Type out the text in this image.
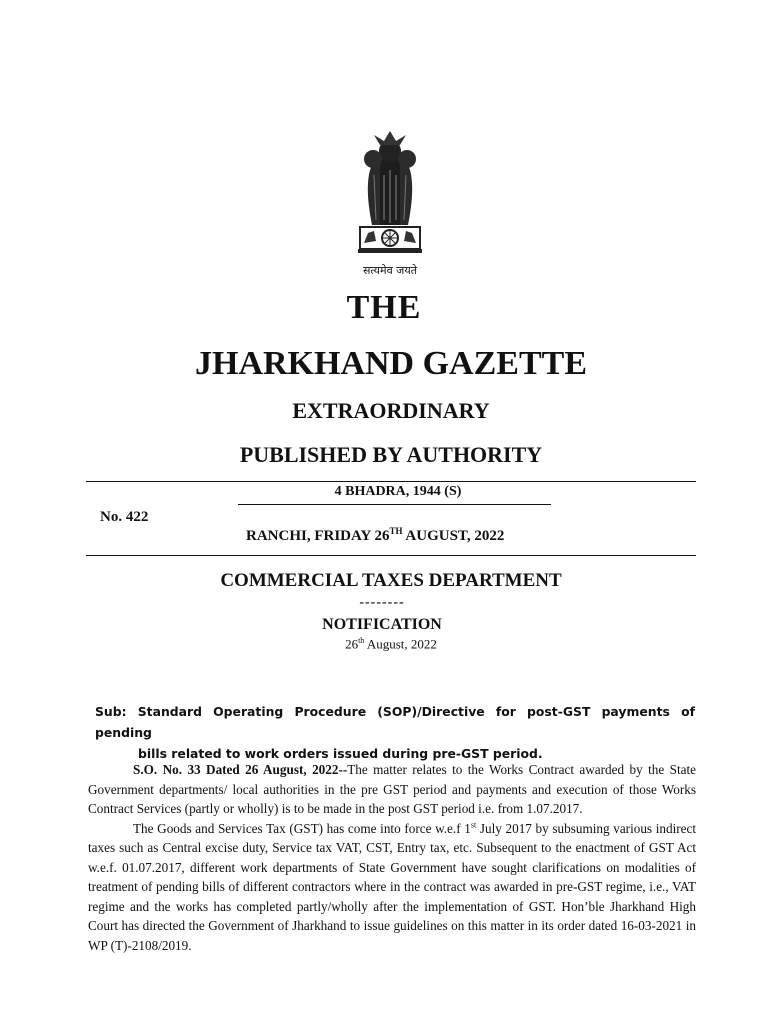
सत्यमेव जयते
THE
JHARKHAND GAZETTE
EXTRAORDINARY
PUBLISHED BY AUTHORITY
4 BHADRA, 1944 (S)
No. 422
RANCHI, FRIDAY 26TH AUGUST, 2022
COMMERCIAL TAXES DEPARTMENT
--------
NOTIFICATION
26th August, 2022
Sub: Standard Operating Procedure (SOP)/Directive for post-GST payments of pending
bills related to work orders issued during pre-GST period.

S.O. No. 33 Dated 26 August, 2022--The matter relates to the Works Contract awarded by the State Government departments/ local authorities in the pre GST period and payments and execution of those Works Contract Services (partly or wholly) is to be made in the post GST period i.e. from 1.07.2017.

The Goods and Services Tax (GST) has come into force w.e.f 1st July 2017 by subsuming various indirect taxes such as Central excise duty, Service tax VAT, CST, Entry tax, etc. Subsequent to the enactment of GST Act w.e.f. 01.07.2017, different work departments of State Government have sought clarifications on modalities of treatment of pending bills of different contractors where in the contract was awarded in pre-GST regime, i.e., VAT regime and the works has completed partly/wholly after the implementation of GST. Hon’ble Jharkhand High Court has directed the Government of Jharkhand to issue guidelines on this matter in its order dated 16-03-2021 in WP (T)-2108/2019.
